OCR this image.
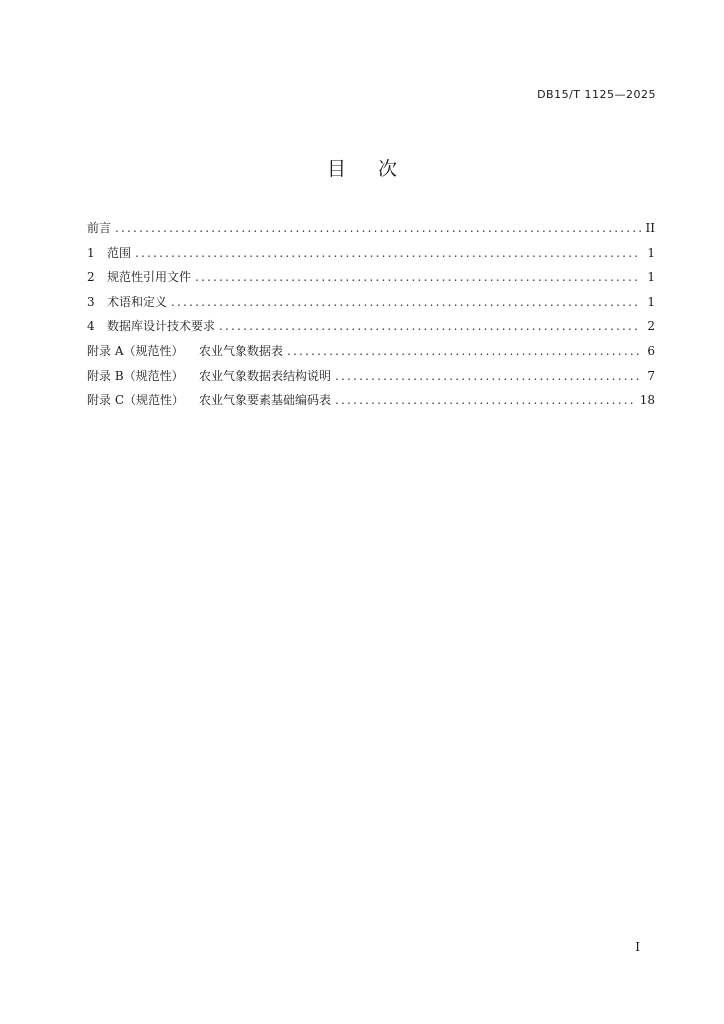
DB15/T 1125—2025
目次
前言 .....	II
1	范围 .....	1
2	规范性引用文件 .....	1
3	术语和定义 .....	1
4	数据库设计技术要求 .....	2
附录 A（规范性）	农业气象数据表 .....	6
附录 B（规范性）	农业气象数据表结构说明 .....	7
附录 C（规范性）	农业气象要素基础编码表 .....	18
I
